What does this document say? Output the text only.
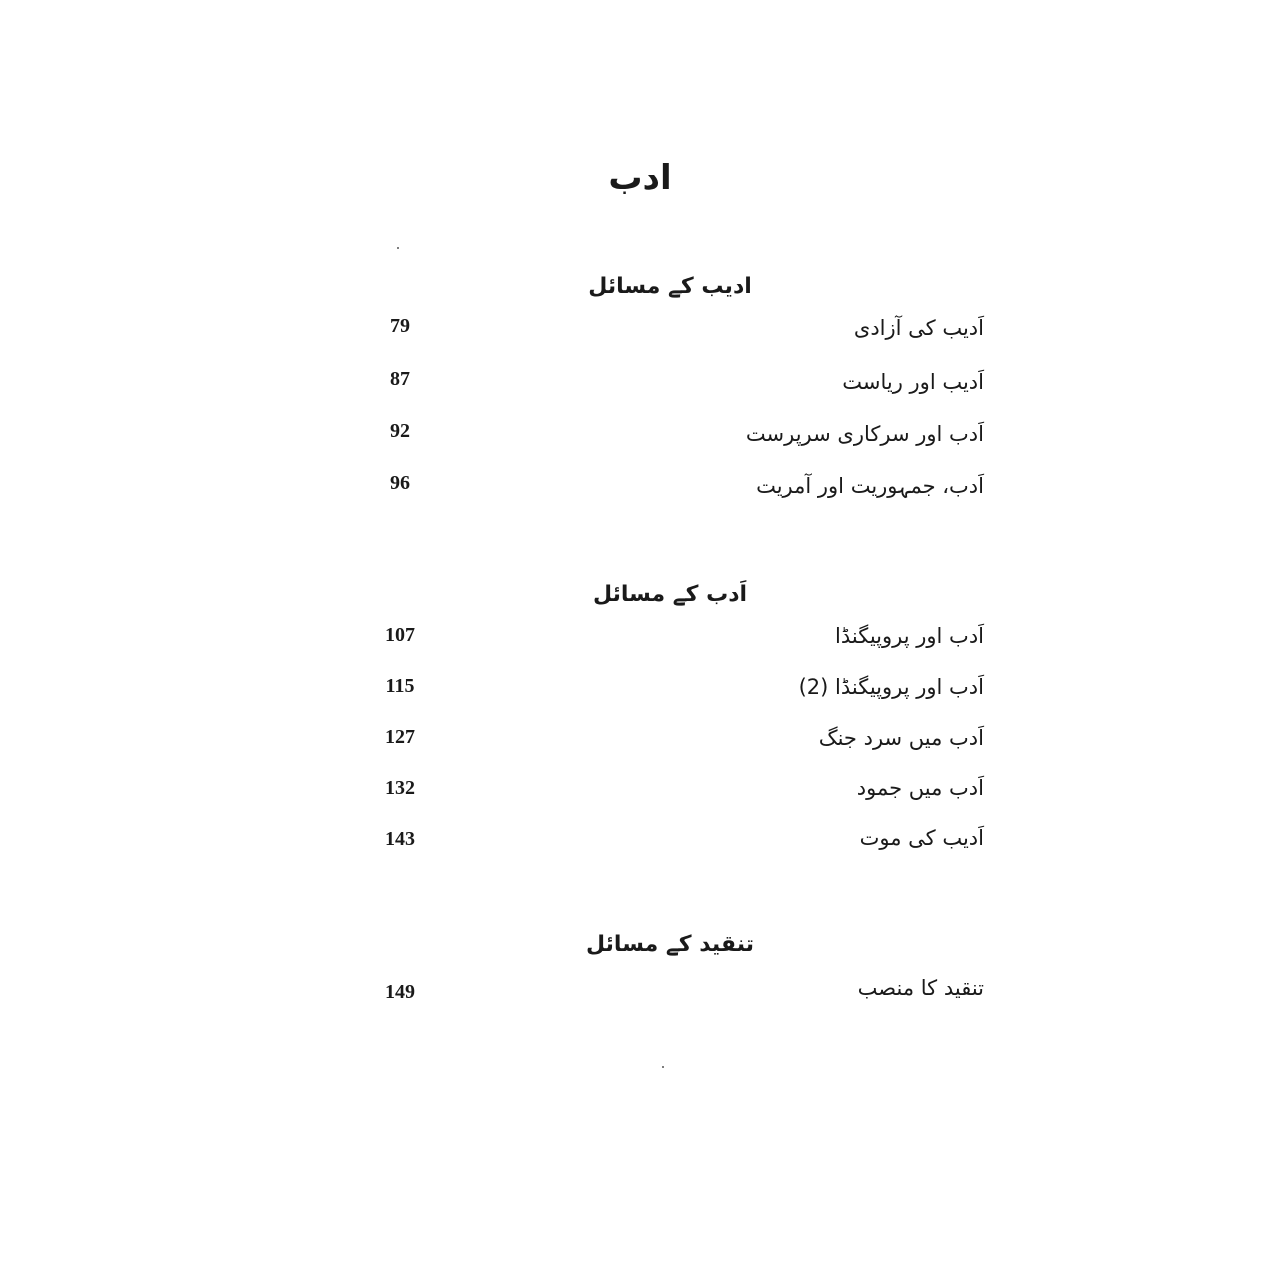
ادب
ادیب کے مسائل
اَدیب کی آزادی
79
اَدیب اور ریاست
87
اَدب اور سرکاری سرپرست
92
اَدب، جمہوریت اور آمریت
96
اَدب کے مسائل
اَدب اور پروپیگنڈا
107
اَدب اور پروپیگنڈا (2)
115
اَدب میں سرد جنگ
127
اَدب میں جمود
132
اَدیب کی موت
143
تنقید کے مسائل
تنقید کا منصب
149
